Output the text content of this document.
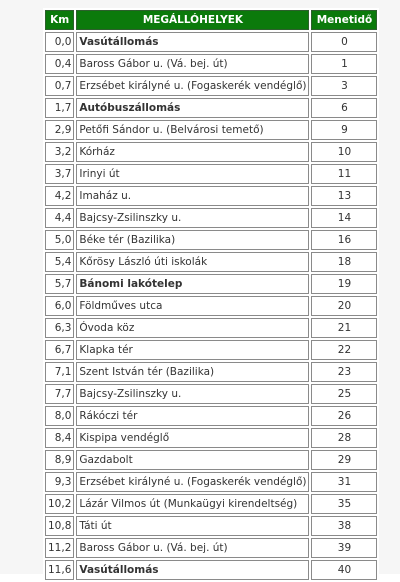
Km	MEGÁLLÓHELYEK	Menetidő
0,0	Vasútállomás	0
0,4	Baross Gábor u. (Vá. bej. út)	1
0,7	Erzsébet királyné u. (Fogaskerék vendéglő)	3
1,7	Autóbuszállomás	6
2,9	Petőfi Sándor u. (Belvárosi temető)	9
3,2	Kórház	10
3,7	Irinyi út	11
4,2	Imaház u.	13
4,4	Bajcsy-Zsilinszky u.	14
5,0	Béke tér (Bazilika)	16
5,4	Kőrösy László úti iskolák	18
5,7	Bánomi lakótelep	19
6,0	Földműves utca	20
6,3	Óvoda köz	21
6,7	Klapka tér	22
7,1	Szent István tér (Bazilika)	23
7,7	Bajcsy-Zsilinszky u.	25
8,0	Rákóczi tér	26
8,4	Kispipa vendéglő	28
8,9	Gazdabolt	29
9,3	Erzsébet királyné u. (Fogaskerék vendéglő)	31
10,2	Lázár Vilmos út (Munkaügyi kirendeltség)	35
10,8	Táti út	38
11,2	Baross Gábor u. (Vá. bej. út)	39
11,6	Vasútállomás	40
